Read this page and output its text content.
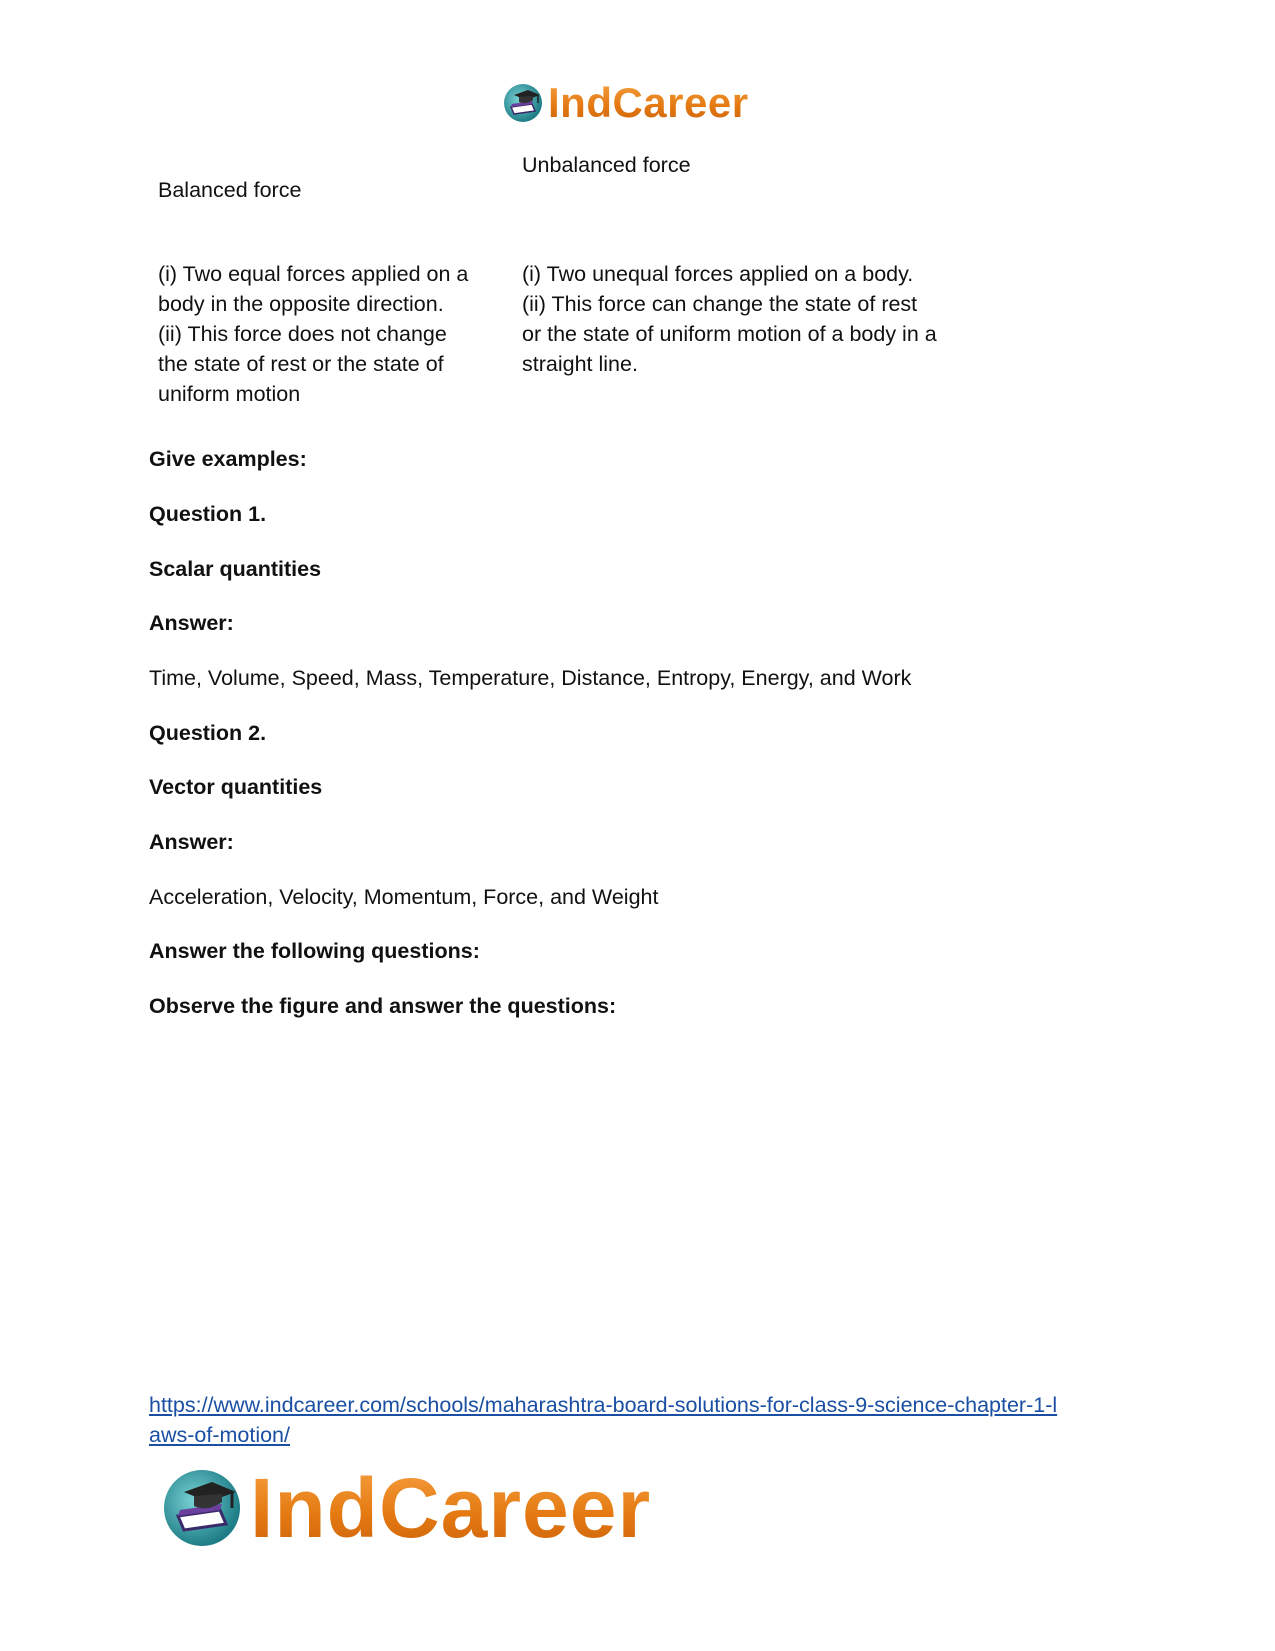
IndCareer
Balanced force
Unbalanced force
(i) Two equal forces applied on a
body in the opposite direction.
(ii) This force does not change
the state of rest or the state of
uniform motion
(i) Two unequal forces applied on a body.
(ii) This force can change the state of rest
or the state of uniform motion of a body in a
straight line.
Give examples:
Question 1.
Scalar quantities
Answer:
Time, Volume, Speed, Mass, Temperature, Distance, Entropy, Energy, and Work
Question 2.
Vector quantities
Answer:
Acceleration, Velocity, Momentum, Force, and Weight
Answer the following questions:
Observe the figure and answer the questions:
https://www.indcareer.com/schools/maharashtra-board-solutions-for-class-9-science-chapter-1-l
aws-of-motion/
IndCareer
